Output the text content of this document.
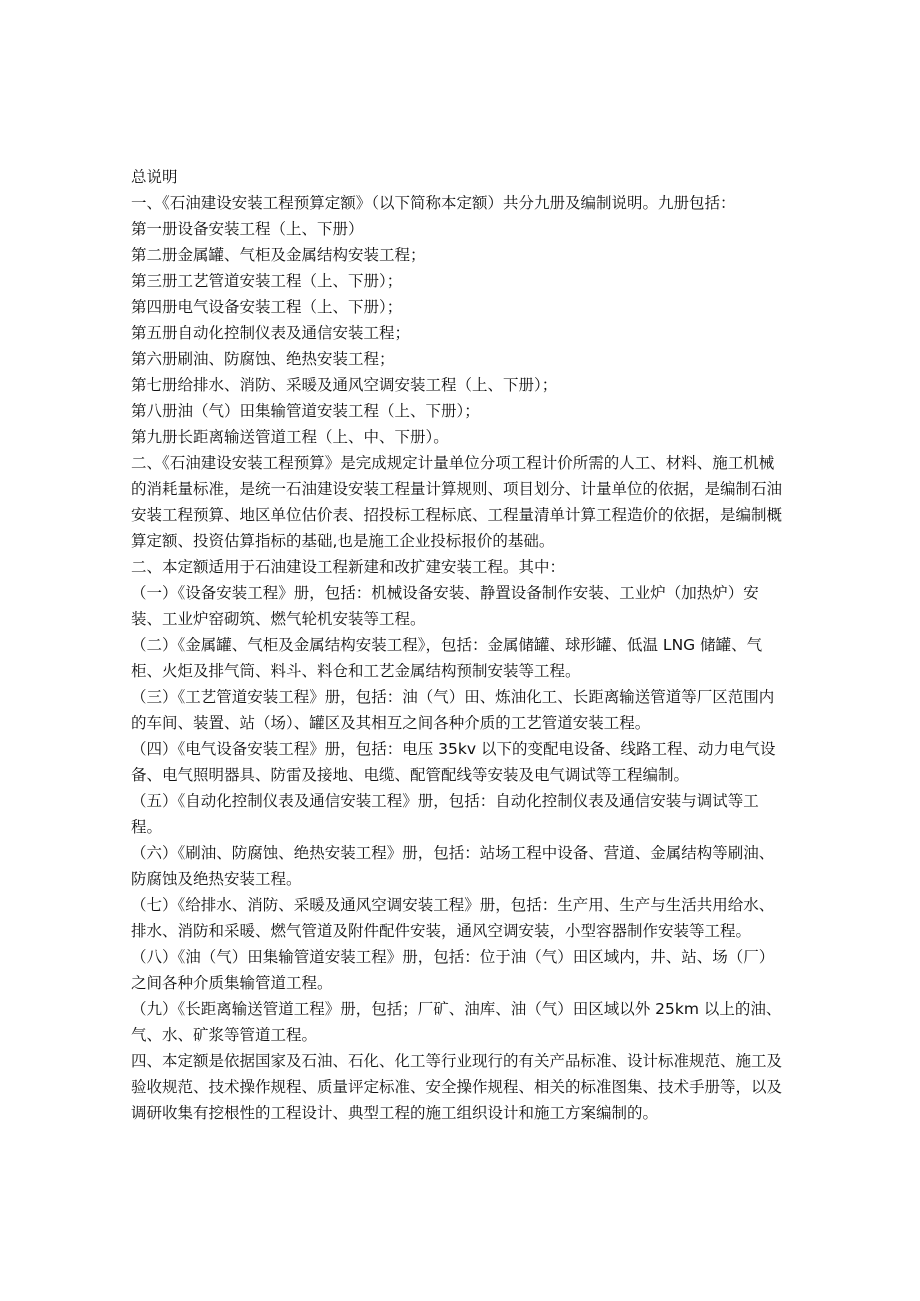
总说明

一、《石油建设安装工程预算定额》（以下简称本定额）共分九册及编制说明。九册包括：

第一册设备安装工程（上、下册）

第二册金属罐、气柜及金属结构安装工程；

第三册工艺管道安装工程（上、下册）；

第四册电气设备安装工程（上、下册）；

第五册自动化控制仪表及通信安装工程；

第六册刷油、防腐蚀、绝热安装工程；

第七册给排水、消防、采暖及通风空调安装工程（上、下册）；

第八册油（气）田集输管道安装工程（上、下册）；

第九册长距离输送管道工程（上、中、下册）。

二、《石油建设安装工程预算》是完成规定计量单位分项工程计价所需的人工、材料、施工机械
的消耗量标准，是统一石油建设安装工程量计算规则、项目划分、计量单位的依据，是编制石油
安装工程预算、地区单位估价表、招投标工程标底、工程量清单计算工程造价的依据，是编制概
算定额、投资估算指标的基础,也是施工企业投标报价的基础。

二、本定额适用于石油建设工程新建和改扩建安装工程。其中：

（一）《设备安装工程》册，包括：机械设备安装、静置设备制作安装、工业炉（加热炉）安
装、工业炉窑砌筑、燃气轮机安装等工程。
（二）《金属罐、气柜及金属结构安装工程》，包括：金属储罐、球形罐、低温 LNG 储罐、气
柜、火炬及排气筒、料斗、料仓和工艺金属结构预制安装等工程。
（三）《工艺管道安装工程》册，包括：油（气）田、炼油化工、长距离输送管道等厂区范围内
的车间、装置、站（场）、罐区及其相互之间各种介质的工艺管道安装工程。
（四）《电气设备安装工程》册，包括：电压 35kv 以下的变配电设备、线路工程、动力电气设
备、电气照明器具、防雷及接地、电缆、配管配线等安装及电气调试等工程编制。
（五）《自动化控制仪表及通信安装工程》册，包括：自动化控制仪表及通信安装与调试等工
程。
（六）《刷油、防腐蚀、绝热安装工程》册，包括：站场工程中设备、营道、金属结构等刷油、
防腐蚀及绝热安装工程。
（七）《给排水、消防、采暖及通风空调安装工程》册，包括：生产用、生产与生活共用给水、
排水、消防和采暖、燃气管道及附件配件安装，通风空调安装，小型容器制作安装等工程。
（八）《油（气）田集输管道安装工程》册，包括：位于油（气）田区域内，井、站、场（厂）
之间各种介质集输管道工程。
（九）《长距离输送管道工程》册，包括；厂矿、油库、油（气）田区域以外 25km 以上的油、
气、水、矿浆等管道工程。
四、本定额是依据国家及石油、石化、化工等行业现行的有关产品标准、设计标准规范、施工及
验收规范、技术操作规程、质量评定标准、安全操作规程、相关的标准图集、技术手册等，以及
调研收集有挖根性的工程设计、典型工程的施工组织设计和施工方案编制的。
